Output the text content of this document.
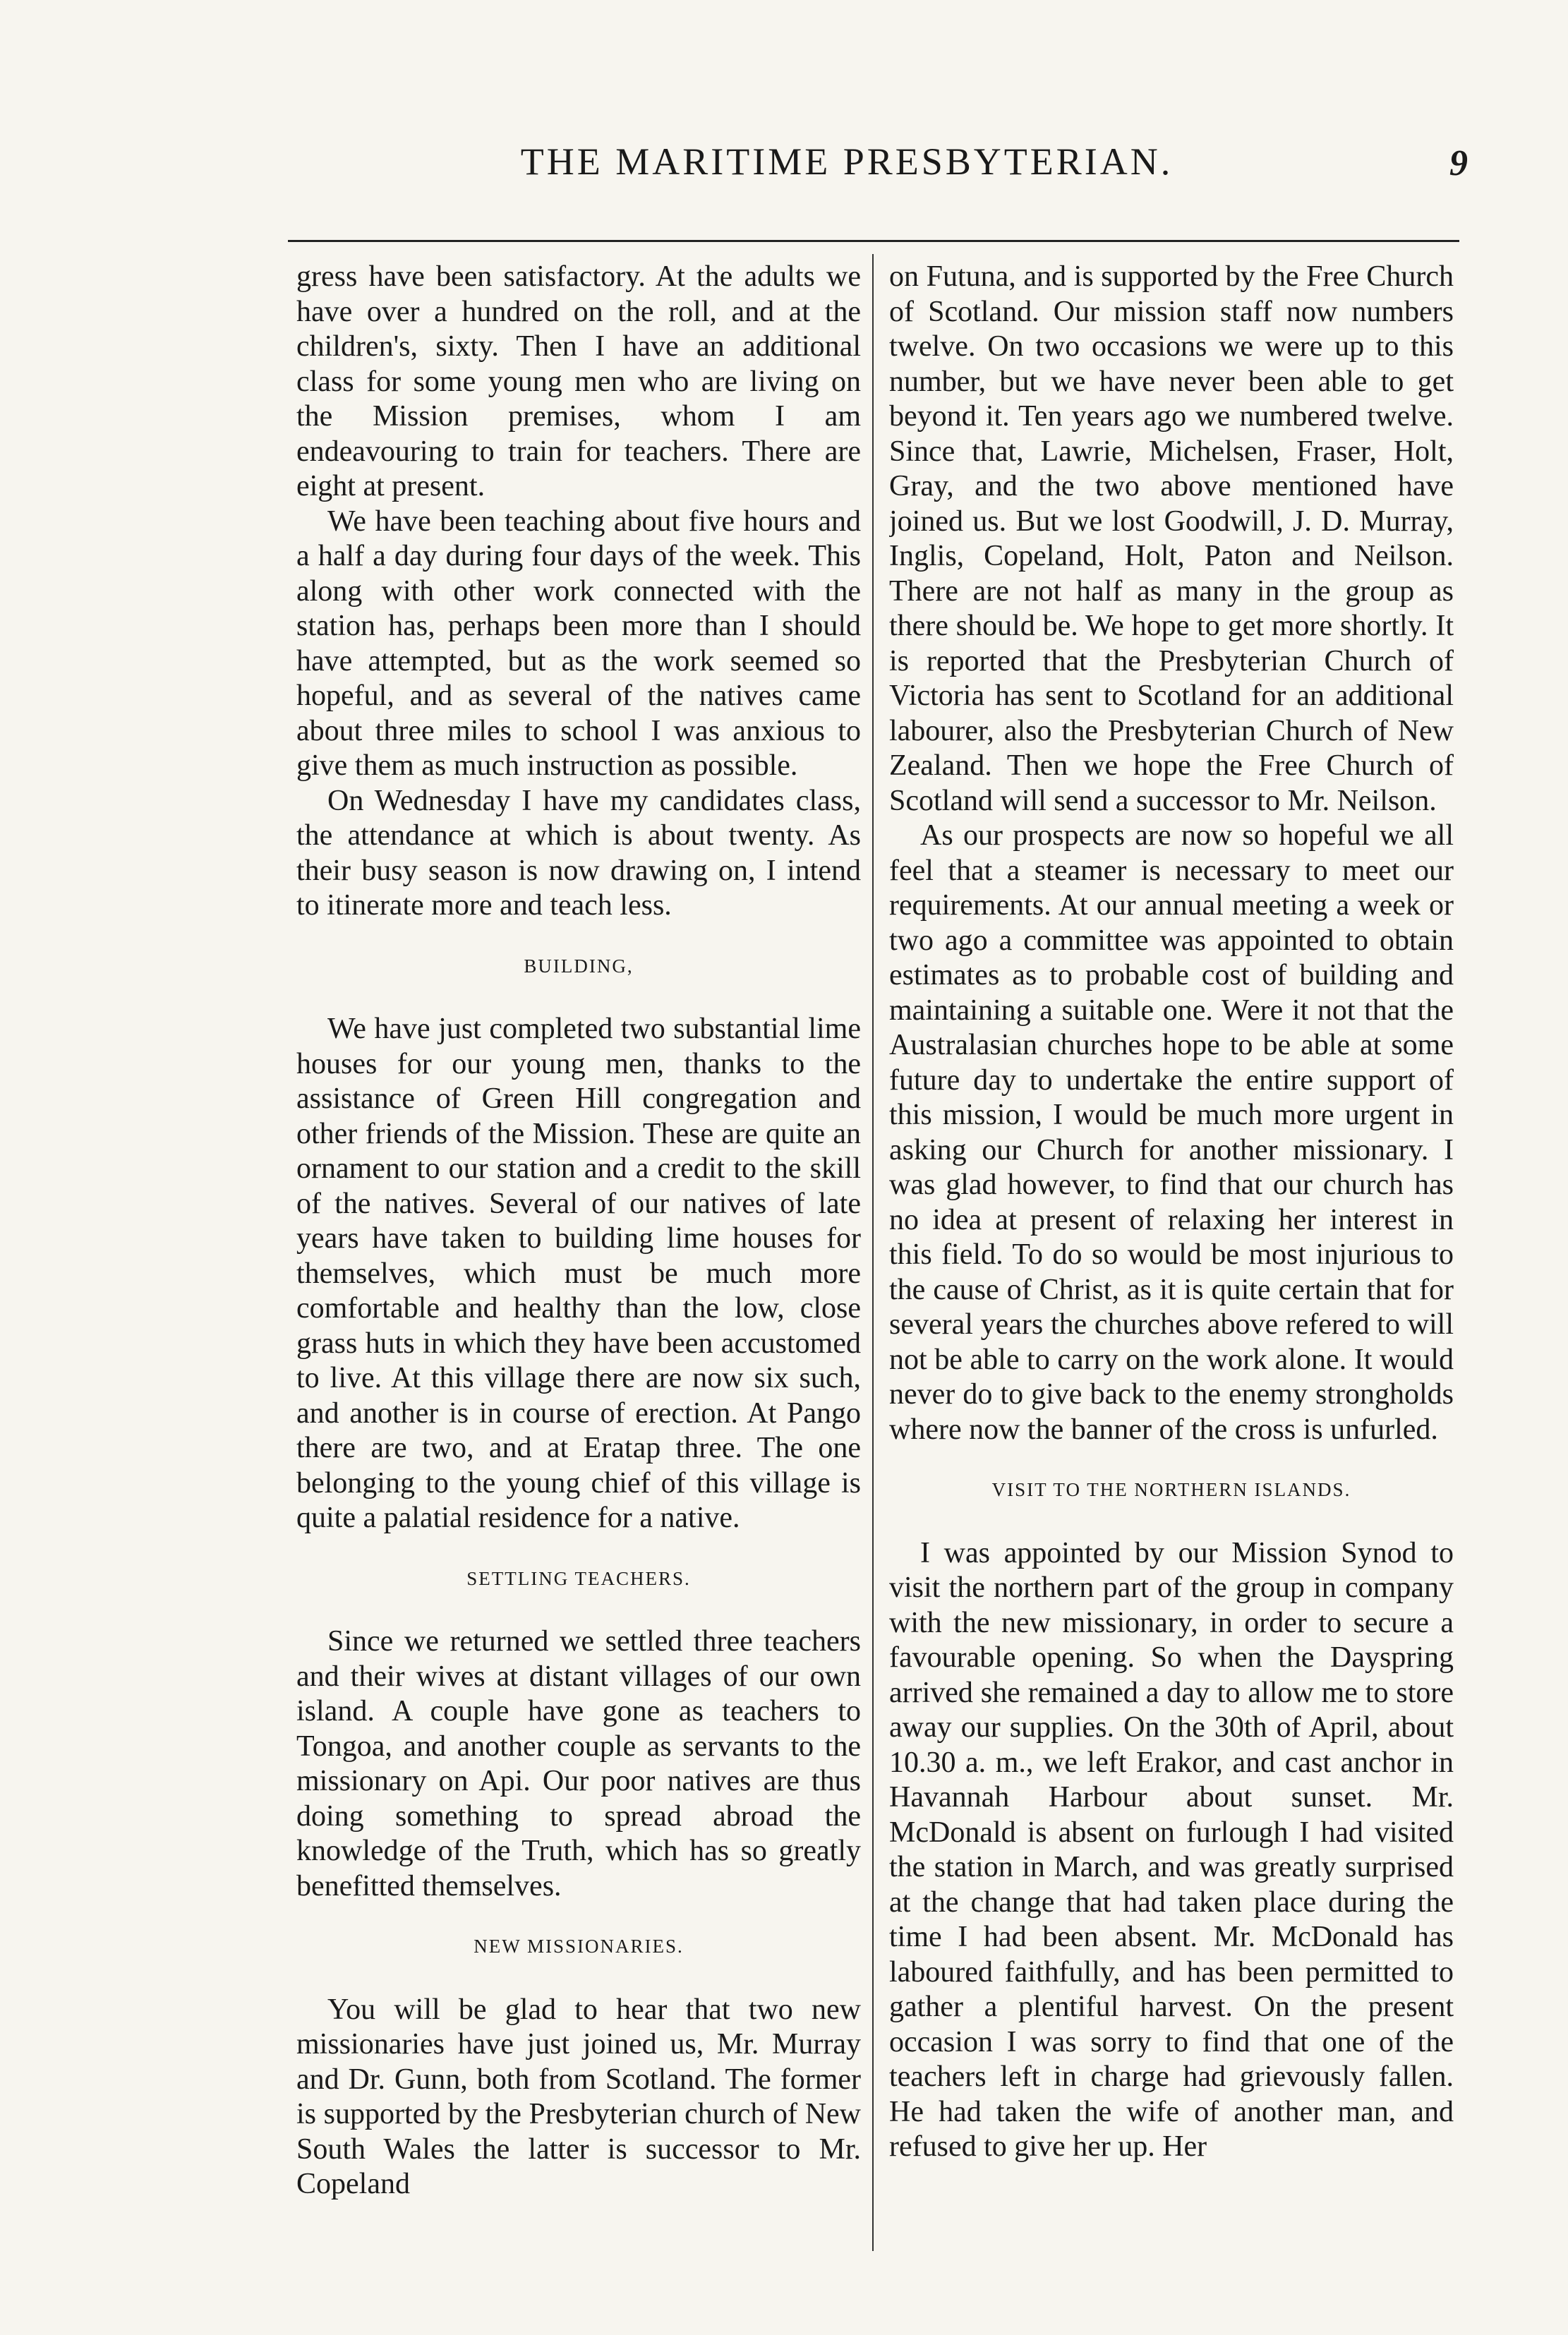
THE MARITIME PRESBYTERIAN.	9

gress have been satisfactory. At the adults we have over a hundred on the roll, and at the children's, sixty. Then I have an additional class for some young men who are living on the Mission premises, whom I am endeavouring to train for teachers. There are eight at present.

We have been teaching about five hours and a half a day during four days of the week. This along with other work connected with the station has, perhaps been more than I should have attempted, but as the work seemed so hopeful, and as several of the natives came about three miles to school I was anxious to give them as much instruction as possible.

On Wednesday I have my candidates class, the attendance at which is about twenty. As their busy season is now drawing on, I intend to itinerate more and teach less.

BUILDING,

We have just completed two substantial lime houses for our young men, thanks to the assistance of Green Hill congregation and other friends of the Mission. These are quite an ornament to our station and a credit to the skill of the natives. Several of our natives of late years have taken to building lime houses for themselves, which must be much more comfortable and healthy than the low, close grass huts in which they have been accustomed to live. At this village there are now six such, and another is in course of erection. At Pango there are two, and at Eratap three. The one belonging to the young chief of this village is quite a palatial residence for a native.

SETTLING TEACHERS.

Since we returned we settled three teachers and their wives at distant villages of our own island. A couple have gone as teachers to Tongoa, and another couple as servants to the missionary on Api. Our poor natives are thus doing something to spread abroad the knowledge of the Truth, which has so greatly benefitted themselves.

NEW MISSIONARIES.

You will be glad to hear that two new missionaries have just joined us, Mr. Murray and Dr. Gunn, both from Scotland. The former is supported by the Presbyterian church of New South Wales the latter is successor to Mr. Copeland

on Futuna, and is supported by the Free Church of Scotland. Our mission staff now numbers twelve. On two occasions we were up to this number, but we have never been able to get beyond it. Ten years ago we numbered twelve. Since that, Lawrie, Michelsen, Fraser, Holt, Gray, and the two above mentioned have joined us. But we lost Goodwill, J. D. Murray, Inglis, Copeland, Holt, Paton and Neilson. There are not half as many in the group as there should be. We hope to get more shortly. It is reported that the Presbyterian Church of Victoria has sent to Scotland for an additional labourer, also the Presbyterian Church of New Zealand. Then we hope the Free Church of Scotland will send a successor to Mr. Neilson.

As our prospects are now so hopeful we all feel that a steamer is necessary to meet our requirements. At our annual meeting a week or two ago a committee was appointed to obtain estimates as to probable cost of building and maintaining a suitable one. Were it not that the Australasian churches hope to be able at some future day to undertake the entire support of this mission, I would be much more urgent in asking our Church for another missionary. I was glad however, to find that our church has no idea at present of relaxing her interest in this field. To do so would be most injurious to the cause of Christ, as it is quite certain that for several years the churches above refered to will not be able to carry on the work alone. It would never do to give back to the enemy strongholds where now the banner of the cross is unfurled.

VISIT TO THE NORTHERN ISLANDS.

I was appointed by our Mission Synod to visit the northern part of the group in company with the new missionary, in order to secure a favourable opening. So when the Dayspring arrived she remained a day to allow me to store away our supplies. On the 30th of April, about 10.30 a. m., we left Erakor, and cast anchor in Havannah Harbour about sunset. Mr. McDonald is absent on furlough I had visited the station in March, and was greatly surprised at the change that had taken place during the time I had been absent. Mr. McDonald has laboured faithfully, and has been permitted to gather a plentiful harvest. On the present occasion I was sorry to find that one of the teachers left in charge had grievously fallen. He had taken the wife of another man, and refused to give her up. Her
